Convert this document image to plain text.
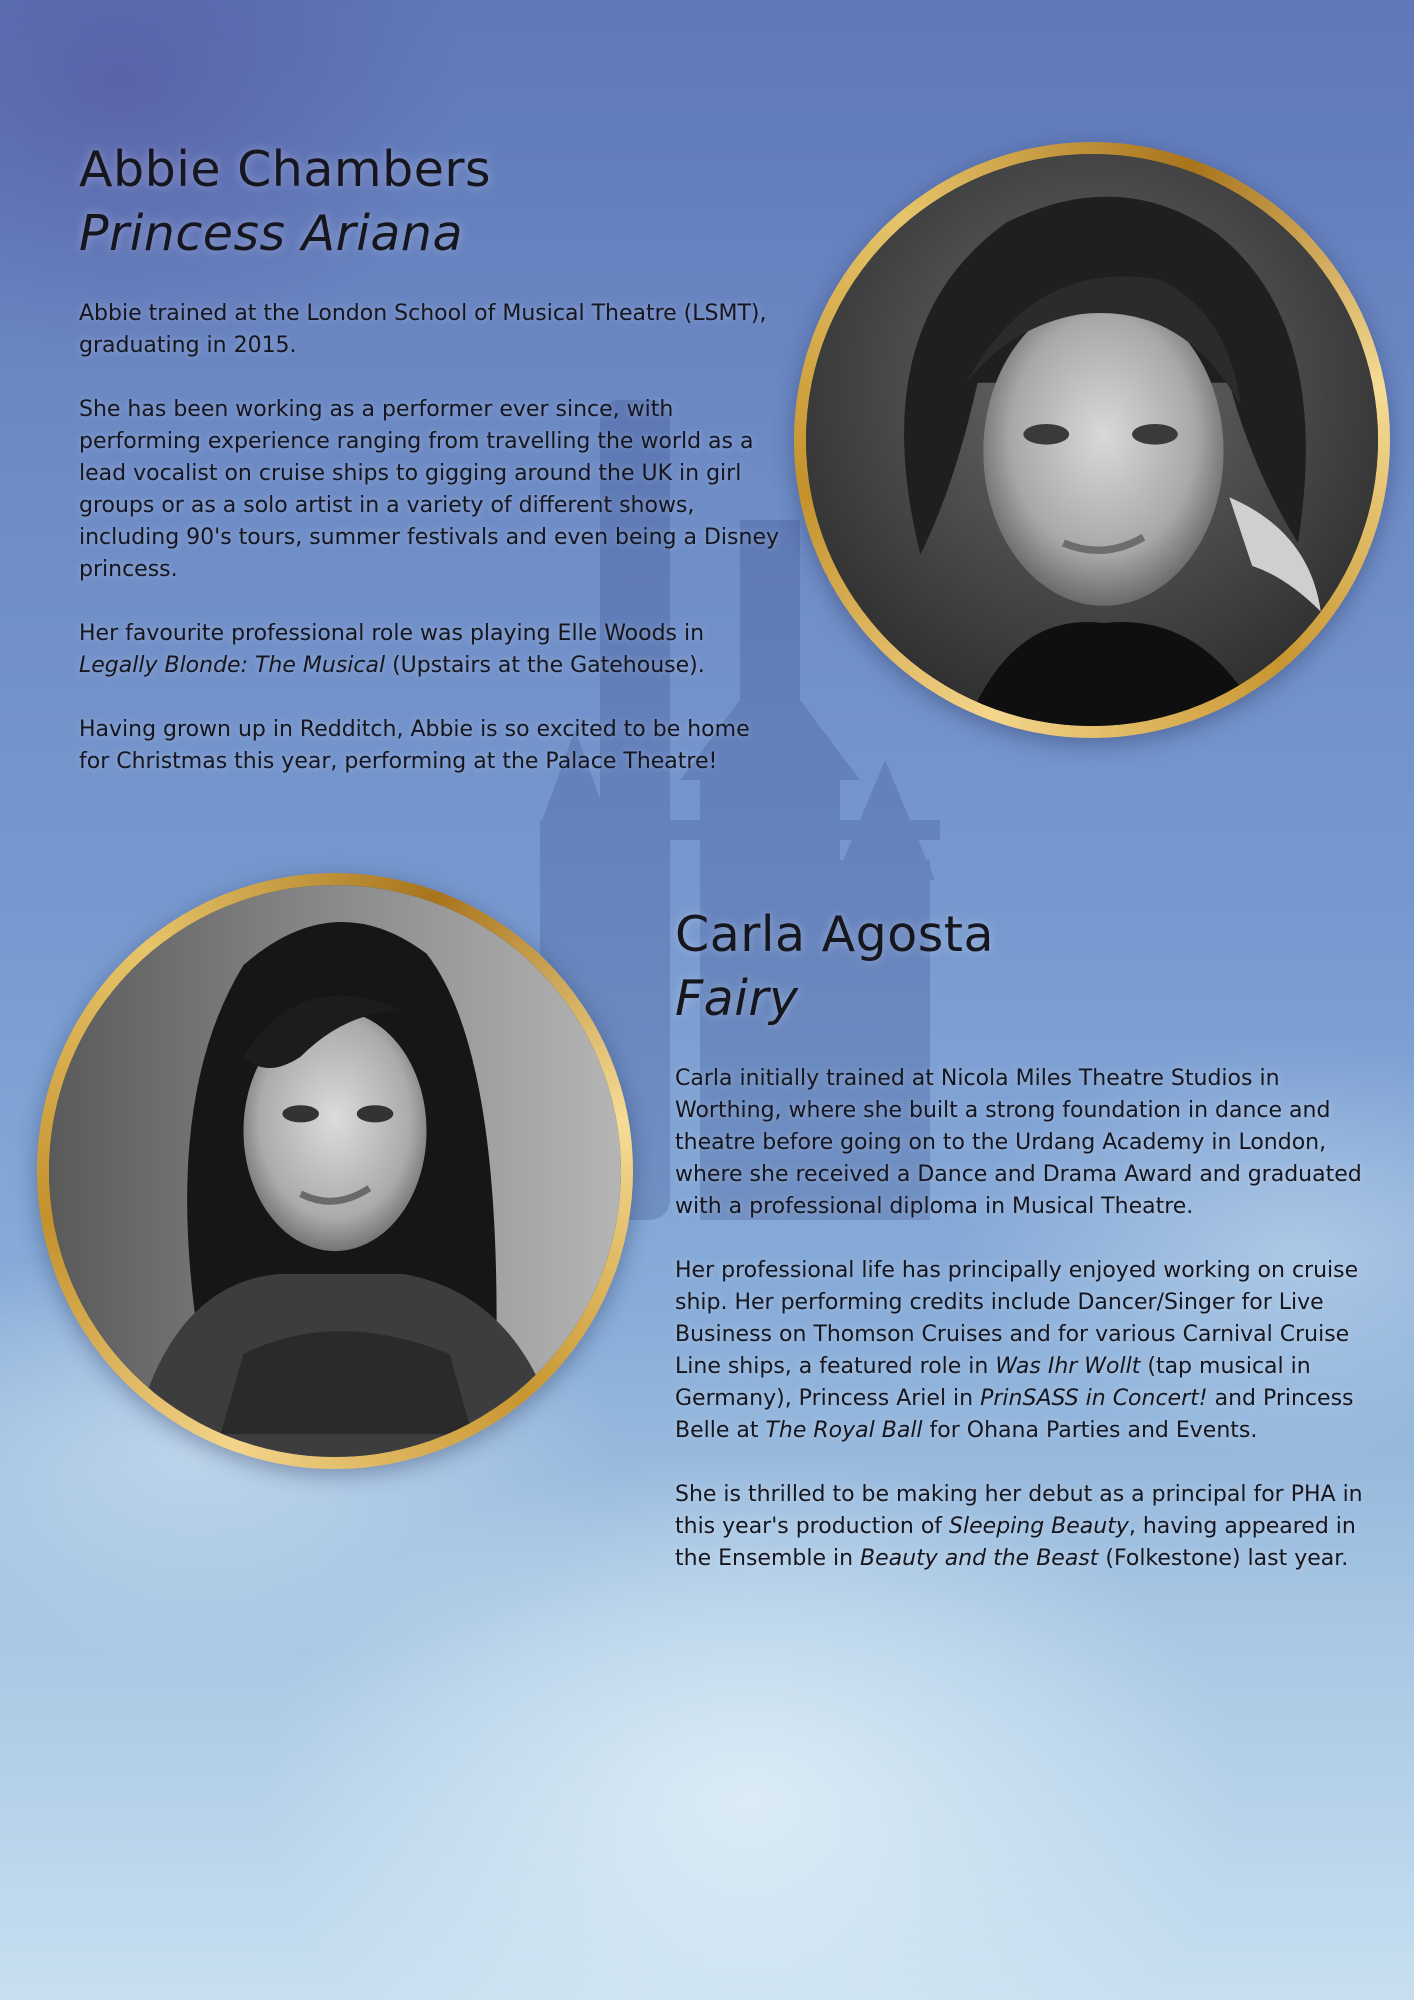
Abbie Chambers
Princess Ariana

Abbie trained at the London School of Musical Theatre (LSMT), graduating in 2015.

She has been working as a performer ever since, with performing experience ranging from travelling the world as a lead vocalist on cruise ships to gigging around the UK in girl groups or as a solo artist in a variety of different shows, including 90's tours, summer festivals and even being a Disney princess.

Her favourite professional role was playing Elle Woods in Legally Blonde: The Musical (Upstairs at the Gatehouse).

Having grown up in Redditch, Abbie is so excited to be home for Christmas this year, performing at the Palace Theatre!

Carla Agosta
Fairy

Carla initially trained at Nicola Miles Theatre Studios in Worthing, where she built a strong foundation in dance and theatre before going on to the Urdang Academy in London, where she received a Dance and Drama Award and graduated with a professional diploma in Musical Theatre.

Her professional life has principally enjoyed working on cruise ship. Her performing credits include Dancer/Singer for Live Business on Thomson Cruises and for various Carnival Cruise Line ships, a featured role in Was Ihr Wollt (tap musical in Germany), Princess Ariel in PrinSASS in Concert! and Princess Belle at The Royal Ball for Ohana Parties and Events.

She is thrilled to be making her debut as a principal for PHA in this year's production of Sleeping Beauty, having appeared in the Ensemble in Beauty and the Beast (Folkestone) last year.
